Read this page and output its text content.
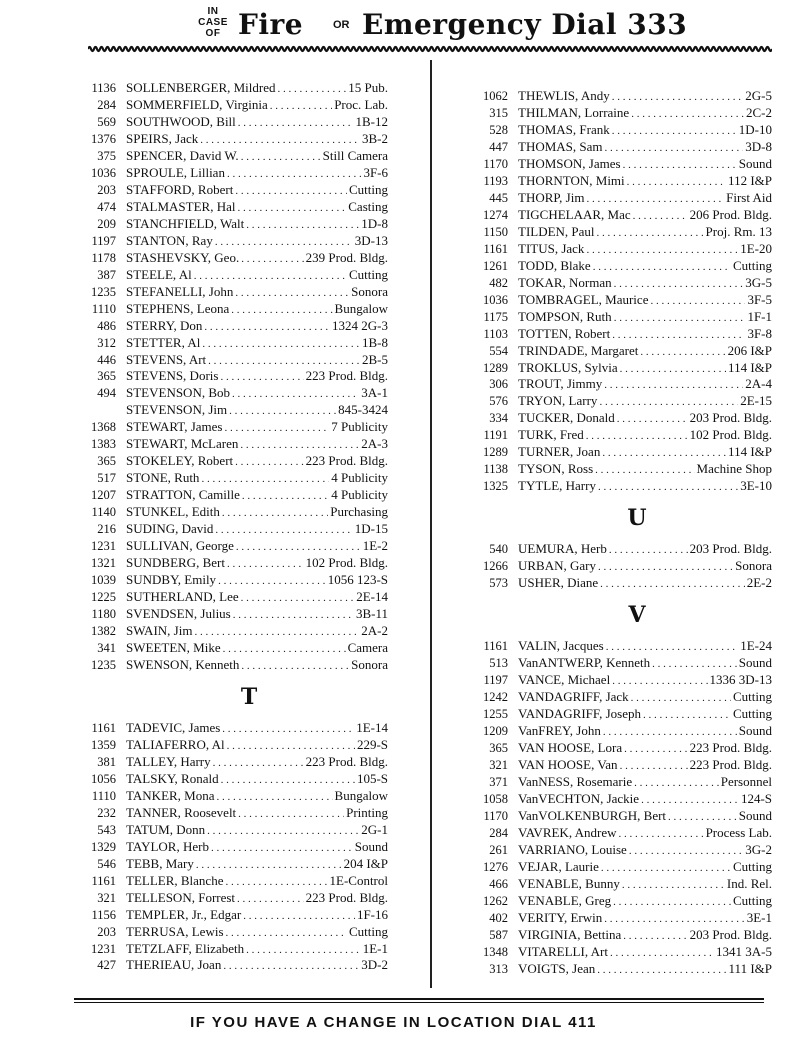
IN
CASE
OF Fire	OR Emergency Dial 333
1136 SOLLENBERGER, Mildred . . .	15 Pub.
284 SOMMERFIELD, Virginia . . .	Proc. Lab.
569 SOUTHWOOD, Bill . . .	1B-12
1376 SPEIRS, Jack . . .	3B-2
375 SPENCER, David W. . . .	Still Camera
1036 SPROULE, Lillian . . .	3F-6
203 STAFFORD, Robert . . .	Cutting
474 STALMASTER, Hal . . .	Casting
209 STANCHFIELD, Walt . . .	1D-8
1197 STANTON, Ray . . .	3D-13
1178 STASHEVSKY, Geo. . . .	239 Prod. Bldg.
387 STEELE, Al . . .	Cutting
1235 STEFANELLI, John . . .	Sonora
1110 STEPHENS, Leona . . .	Bungalow
486 STERRY, Don . . .	1324 2G-3
312 STETTER, Al . . .	1B-8
446 STEVENS, Art . . .	2B-5
365 STEVENS, Doris . . .	223 Prod. Bldg.
494 STEVENSON, Bob . . .	3A-1
STEVENSON, Jim . . .	845-3424
1368 STEWART, James . . .	7 Publicity
1383 STEWART, McLaren . . .	2A-3
365 STOKELEY, Robert . . .	223 Prod. Bldg.
517 STONE, Ruth . . .	4 Publicity
1207 STRATTON, Camille . . .	4 Publicity
1140 STUNKEL, Edith . . .	Purchasing
216 SUDING, David . . .	1D-15
1231 SULLIVAN, George . . .	1E-2
1321 SUNDBERG, Bert . . .	102 Prod. Bldg.
1039 SUNDBY, Emily . . .	1056 123-S
1225 SUTHERLAND, Lee . . .	2E-14
1180 SVENDSEN, Julius . . .	3B-11
1382 SWAIN, Jim . . .	2A-2
341 SWEETEN, Mike . . .	Camera
1235 SWENSON, Kenneth . . .	Sonora
T
1161 TADEVIC, James . . .	1E-14
1359 TALIAFERRO, Al . . .	229-S
381 TALLEY, Harry . . .	223 Prod. Bldg.
1056 TALSKY, Ronald . . .	105-S
1110 TANKER, Mona . . .	Bungalow
232 TANNER, Roosevelt . . .	Printing
543 TATUM, Donn . . .	2G-1
1329 TAYLOR, Herb . . .	Sound
546 TEBB, Mary . . .	204 I&P
1161 TELLER, Blanche . . .	1E-Control
321 TELLESON, Forrest . . .	223 Prod. Bldg.
1156 TEMPLER, Jr., Edgar . . .	1F-16
203 TERRUSA, Lewis . . .	Cutting
1231 TETZLAFF, Elizabeth . . .	1E-1
427 THERIEAU, Joan . . .	3D-2
1062 THEWLIS, Andy . . .	2G-5
315 THILMAN, Lorraine . . .	2C-2
528 THOMAS, Frank . . .	1D-10
447 THOMAS, Sam . . .	3D-8
1170 THOMSON, James . . .	Sound
1193 THORNTON, Mimi . . .	112 I&P
445 THORP, Jim . . .	First Aid
1274 TIGCHELAAR, Mac . . .	206 Prod. Bldg.
1150 TILDEN, Paul . . .	Proj. Rm. 13
1161 TITUS, Jack . . .	1E-20
1261 TODD, Blake . . .	Cutting
482 TOKAR, Norman . . .	3G-5
1036 TOMBRAGEL, Maurice . . .	3F-5
1175 TOMPSON, Ruth . . .	1F-1
1103 TOTTEN, Robert . . .	3F-8
554 TRINDADE, Margaret . . .	206 I&P
1289 TROKLUS, Sylvia . . .	114 I&P
306 TROUT, Jimmy . . .	2A-4
576 TRYON, Larry . . .	2E-15
334 TUCKER, Donald . . .	203 Prod. Bldg.
1191 TURK, Fred . . .	102 Prod. Bldg.
1289 TURNER, Joan . . .	114 I&P
1138 TYSON, Ross . . .	Machine Shop
1325 TYTLE, Harry . . .	3E-10
U
540 UEMURA, Herb . . .	203 Prod. Bldg.
1266 URBAN, Gary . . .	Sonora
573 USHER, Diane . . .	2E-2
V
1161 VALIN, Jacques . . .	1E-24
513 VanANTWERP, Kenneth . . .	Sound
1197 VANCE, Michael . . .	1336 3D-13
1242 VANDAGRIFF, Jack . . .	Cutting
1255 VANDAGRIFF, Joseph . . .	Cutting
1209 VanFREY, John . . .	Sound
365 VAN HOOSE, Lora . . .	223 Prod. Bldg.
321 VAN HOOSE, Van . . .	223 Prod. Bldg.
371 VanNESS, Rosemarie . . .	Personnel
1058 VanVECHTON, Jackie . . .	124-S
1170 VanVOLKENBURGH, Bert . . .	Sound
284 VAVREK, Andrew . . .	Process Lab.
261 VARRIANO, Louise . . .	3G-2
1276 VEJAR, Laurie . . .	Cutting
466 VENABLE, Bunny . . .	Ind. Rel.
1262 VENABLE, Greg . . .	Cutting
402 VERITY, Erwin . . .	3E-1
587 VIRGINIA, Bettina . . .	203 Prod. Bldg.
1348 VITARELLI, Art . . .	1341 3A-5
313 VOIGTS, Jean . . .	111 I&P
IF YOU HAVE A CHANGE IN LOCATION DIAL 411
